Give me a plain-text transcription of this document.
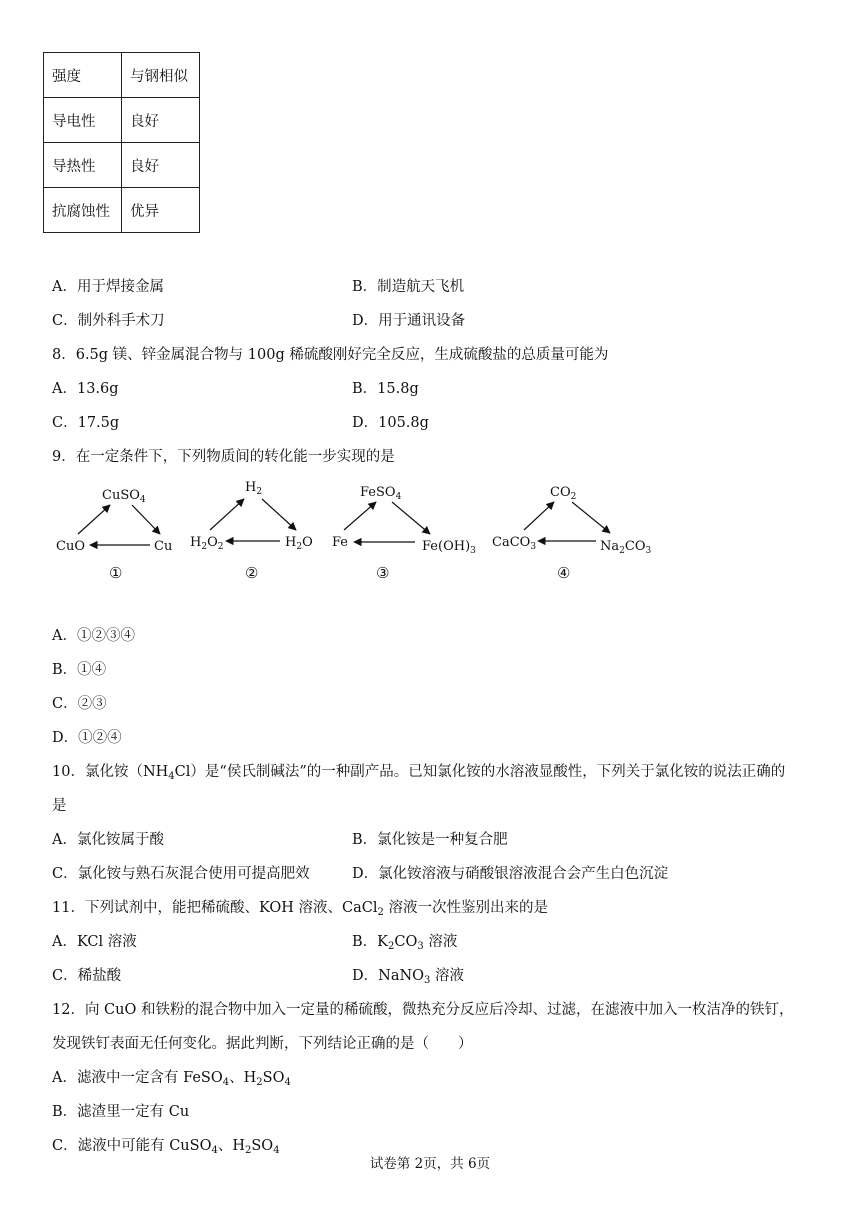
强度	与钢相似
导电性	良好
导热性	良好
抗腐蚀性	优异
A．用于焊接金属	B．制造航天飞机
C．制外科手术刀	D．用于通讯设备
8．6.5g 镁、锌金属混合物与 100g 稀硫酸刚好完全反应，生成硫酸盐的总质量可能为
A．13.6g	B．15.8g
C．17.5g	D．105.8g
9．在一定条件下，下列物质间的转化能一步实现的是
CuSO$_4$
CuO	Cu
①
$H_2$
$H_2O_2$	$H_2O$
②
FeSO$_4$
Fe	$Fe(OH)_3$
③
$CO_2$
CaCO$_3$	$Na_2CO_3$
④
A．①②③④
B．①④
C．②③
D．①②④
10．氯化铵$(NH_4Cl)$是“侯氏制碱法”的一种副产品。已知氯化铵的水溶液显酸性，下列关于氯化铵的说法正确的
是
A．氯化铵属于酸	B．氯化铵是一种复合肥
C．氯化铵与熟石灰混合使用可提高肥效	D．氯化铵溶液与硝酸银溶液混合会产生白色沉淀
11．下列试剂中，能把稀硫酸、KOH 溶液、CaCl$_2$ 溶液一次性鉴别出来的是
A．KCl 溶液	B．$K_2CO_3$ 溶液
C．稀盐酸	D．NaNO$_3$ 溶液
12．向 CuO 和铁粉的混合物中加入一定量的稀硫酸，微热充分反应后冷却、过滤，在滤液中加入一枚洁净的铁钉，
发现铁钉表面无任何变化。据此判断，下列结论正确的是（　　）
A．滤液中一定含有 FeSO$_4$、$H_2SO_4$
B．滤渣里一定有 Cu
C．滤液中可能有 CuSO$_4$、$H_2SO_4$
试卷第 2页，共 6页
